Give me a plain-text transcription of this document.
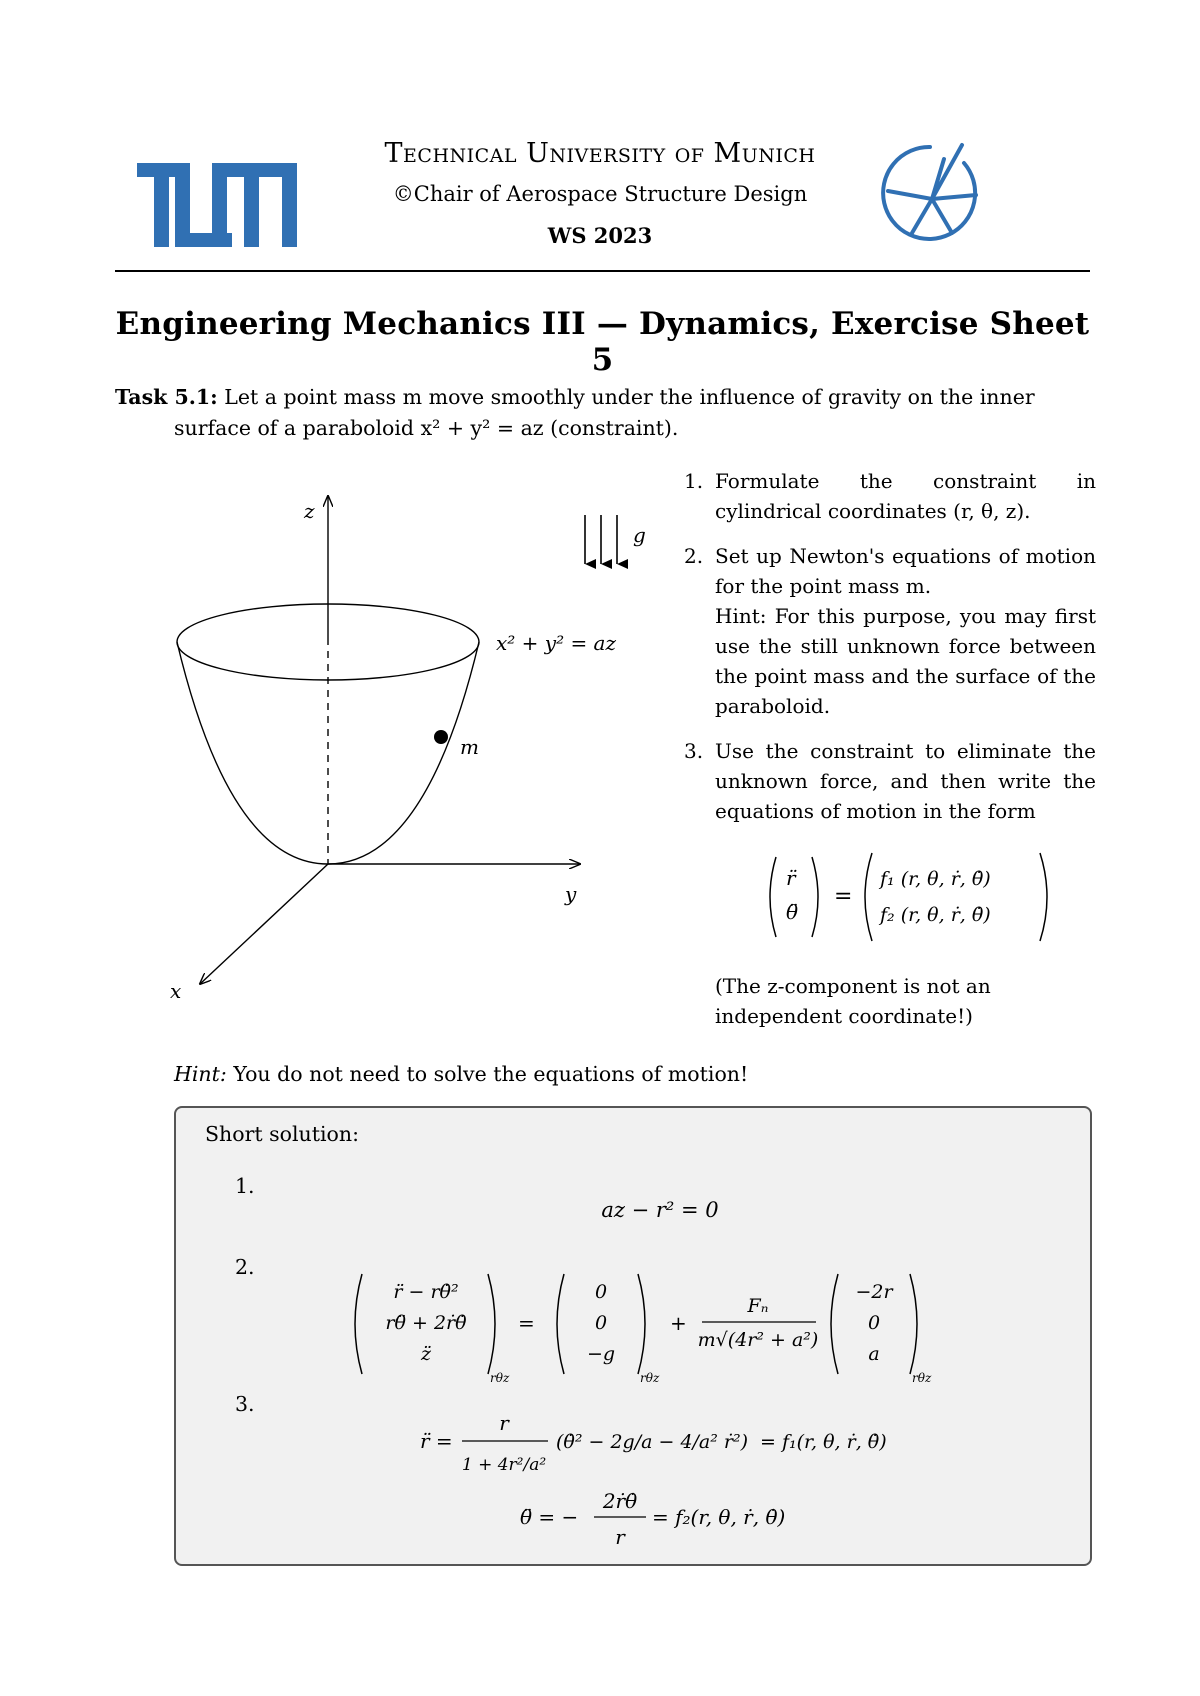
Technical University of Munich
©Chair of Aerospace Structure Design
WS 2023
Engineering Mechanics III — Dynamics, Exercise Sheet 5
Task 5.1: Let a point mass m move smoothly under the influence of gravity on the inner
surface of a paraboloid x² + y² = az (constraint).
z
y
x
g
x² + y² = az
m
1. Formulate the constraint in cylindrical coordinates (r, θ, z).
2. Set up Newton's equations of motion for the point mass m.
Hint: For this purpose, you may first use the still unknown force between the point mass and the surface of the paraboloid.
3. Use the constraint to eliminate the unknown force, and then write the equations of motion in the form
r̈
θ̈
=
f₁ (r, θ, ṙ, θ̇)
f₂ (r, θ, ṙ, θ̇)
(The z-component is not an independent coordinate!)
Hint: You do not need to solve the equations of motion!
Short solution:
1.
2.
3.
az − r² = 0
r̈ − rθ̇²
rθ̈ + 2ṙθ̇
z̈
0
0
−g
−2r
0
a
Fₙ
m√(4r² + a²)
=	+
rθz	rθz	rθz
r̈ =
r
1 + 4r²/a²
(θ̇² − 2g/a − 4/a² ṙ²) = f₁(r, θ, ṙ, θ̇)
θ̈ = −
2ṙθ̇
r
= f₂(r, θ, ṙ, θ̇)
